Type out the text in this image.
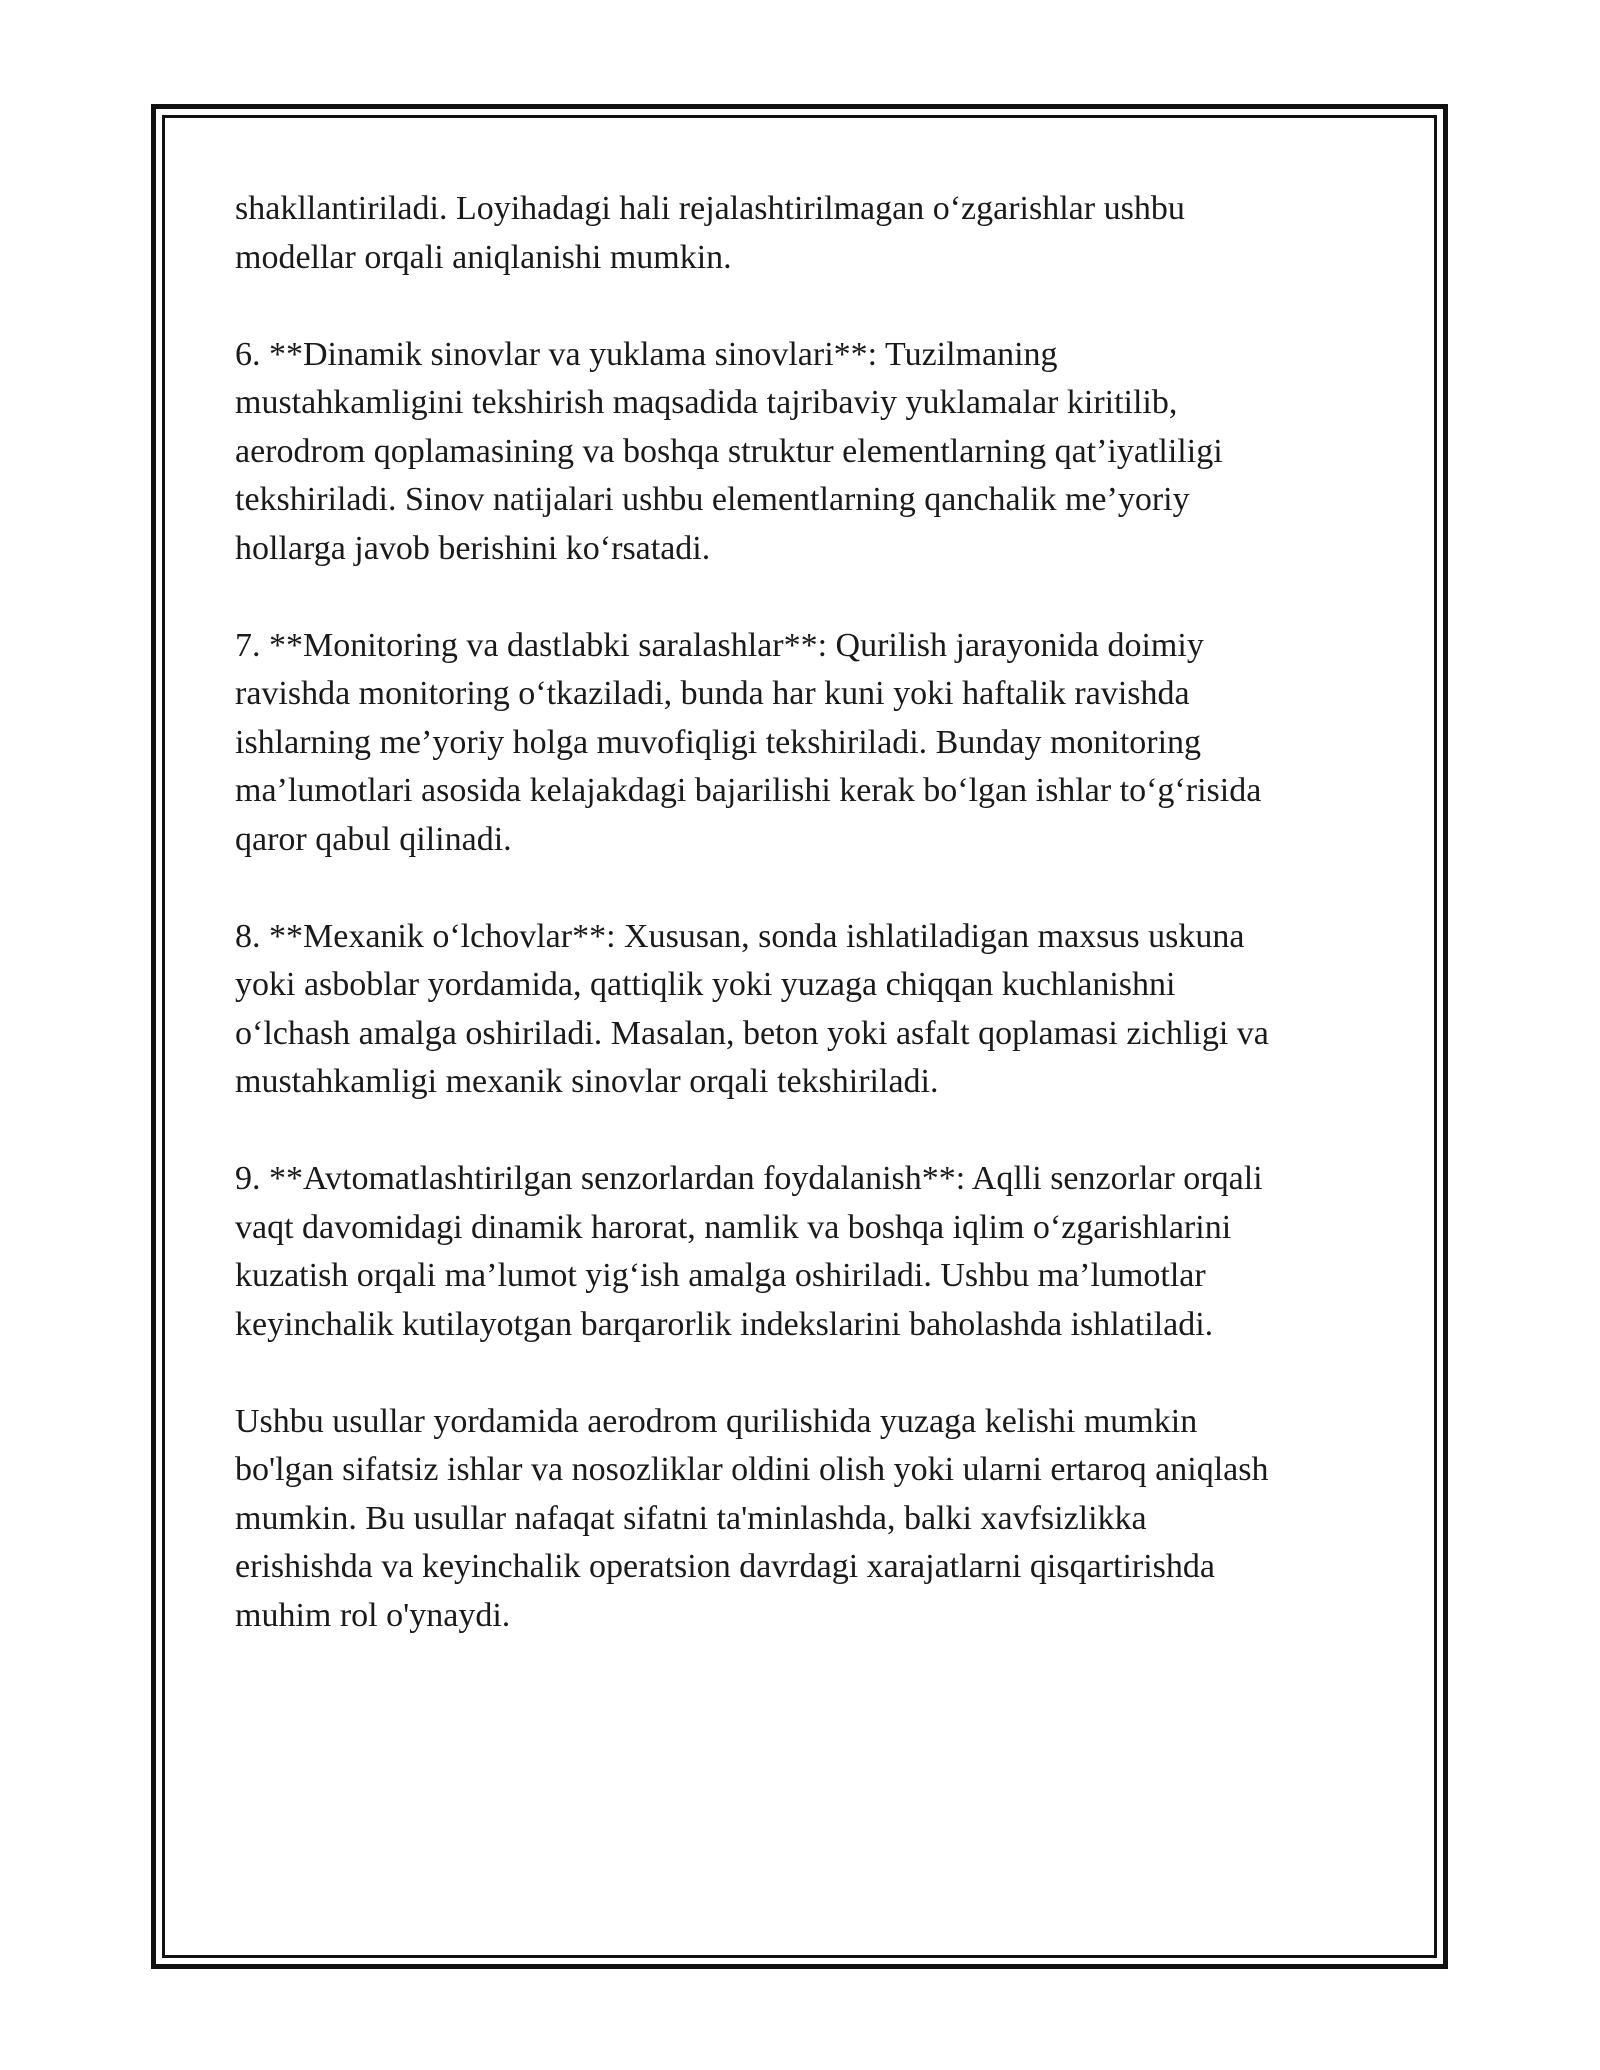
shakllantiriladi. Loyihadagi hali rejalashtirilmagan o‘zgarishlar ushbu
modellar orqali aniqlanishi mumkin.

6. **Dinamik sinovlar va yuklama sinovlari**: Tuzilmaning
mustahkamligini tekshirish maqsadida tajribaviy yuklamalar kiritilib,
aerodrom qoplamasining va boshqa struktur elementlarning qat’iyatliligi
tekshiriladi. Sinov natijalari ushbu elementlarning qanchalik me’yoriy
hollarga javob berishini ko‘rsatadi.

7. **Monitoring va dastlabki saralashlar**: Qurilish jarayonida doimiy
ravishda monitoring o‘tkaziladi, bunda har kuni yoki haftalik ravishda
ishlarning me’yoriy holga muvofiqligi tekshiriladi. Bunday monitoring
ma’lumotlari asosida kelajakdagi bajarilishi kerak bo‘lgan ishlar to‘g‘risida
qaror qabul qilinadi.

8. **Mexanik o‘lchovlar**: Xususan, sonda ishlatiladigan maxsus uskuna
yoki asboblar yordamida, qattiqlik yoki yuzaga chiqqan kuchlanishni
o‘lchash amalga oshiriladi. Masalan, beton yoki asfalt qoplamasi zichligi va
mustahkamligi mexanik sinovlar orqali tekshiriladi.

9. **Avtomatlashtirilgan senzorlardan foydalanish**: Aqlli senzorlar orqali
vaqt davomidagi dinamik harorat, namlik va boshqa iqlim o‘zgarishlarini
kuzatish orqali ma’lumot yig‘ish amalga oshiriladi. Ushbu ma’lumotlar
keyinchalik kutilayotgan barqarorlik indekslarini baholashda ishlatiladi.

Ushbu usullar yordamida aerodrom qurilishida yuzaga kelishi mumkin
bo'lgan sifatsiz ishlar va nosozliklar oldini olish yoki ularni ertaroq aniqlash
mumkin. Bu usullar nafaqat sifatni ta'minlashda, balki xavfsizlikka
erishishda va keyinchalik operatsion davrdagi xarajatlarni qisqartirishda
muhim rol o'ynaydi.
